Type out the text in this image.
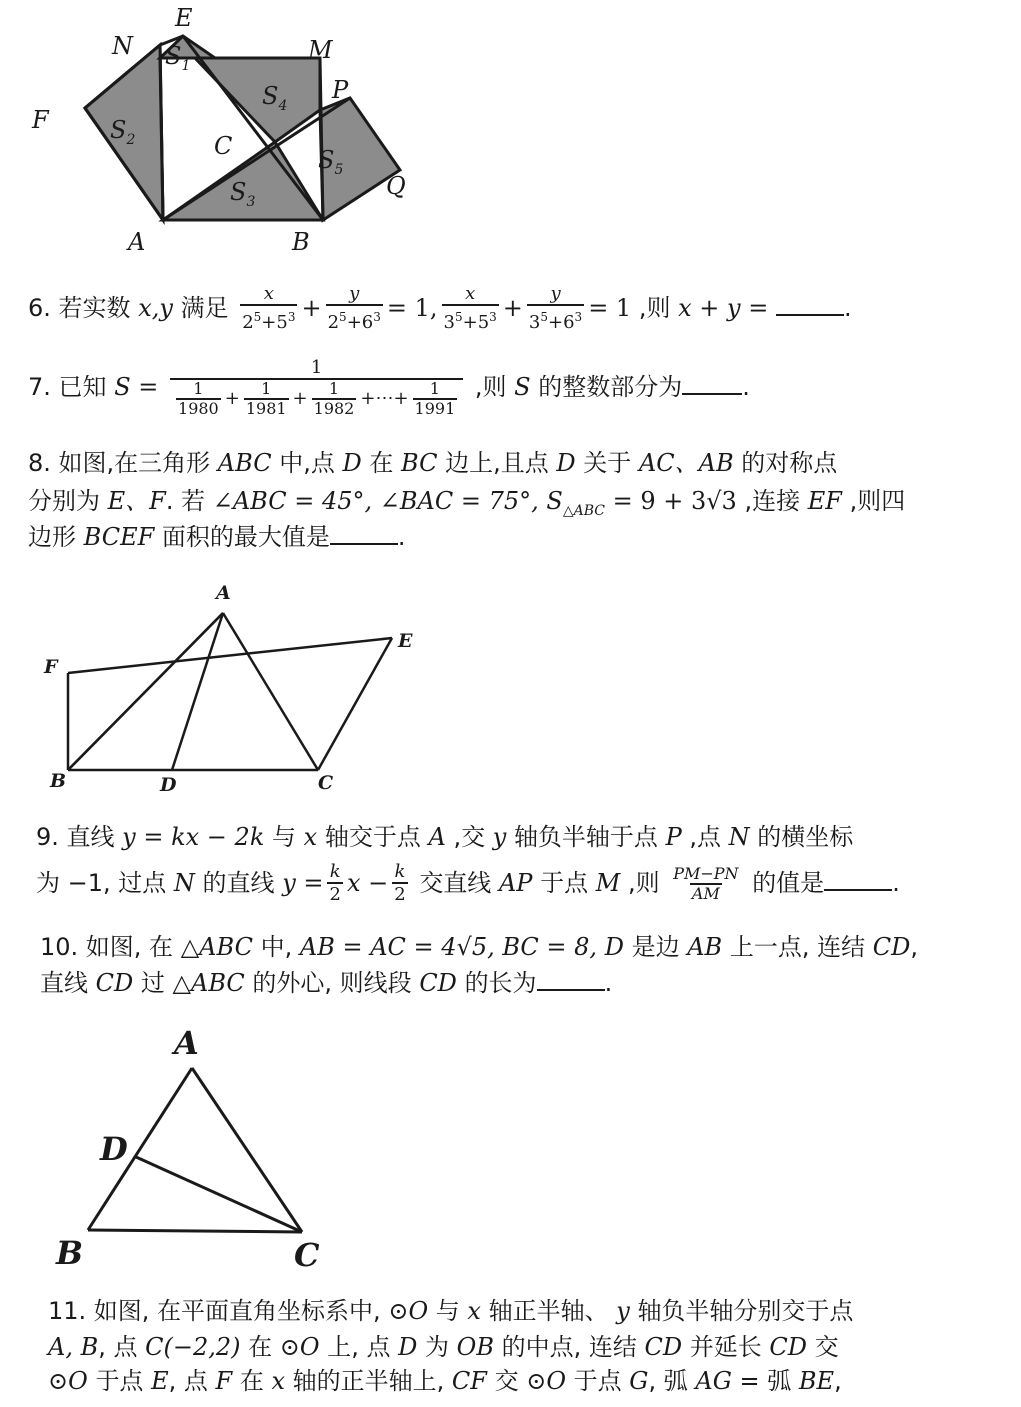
E
N	M
F
P
C
Q
A	B
$S_1$
$S_2$
$S_3$
$S_4$
$S_5$
6. 若实数 x,y 满足 $\frac{x}{2^5+5^3} + \frac{y}{2^5+6^3} = 1$, $\frac{x}{3^5+5^3} + \frac{y}{3^5+6^3} = 1$ ,则 x + y =	.
7. 已知 $S = \frac{1}{\frac{1}{1980} + \frac{1}{1981} + \frac{1}{1982} +\cdots+ \frac{1}{1991}}$ ,则 S 的整数部分为	.
8. 如图,在三角形 ABC 中,点 D 在 BC 边上,且点 D 关于 AC、AB 的对称点
分别为 E、F. 若 ∠ABC = 45°, ∠BAC = 75°, $S_{\triangle ABC} = 9 + 3√3$ ,连接 EF ,则四
边形 BCEF 面积的最大值是	.
A
E
F
B	D	C
9. 直线 y = kx − 2k 与 x 轴交于点 A ,交 y 轴负半轴于点 P ,点 N 的横坐标
为 −1, 过点 N 的直线 $y = \frac{k}{2}$ $x - \frac{k}{2}$ 交直线 AP 于点 M ,则 $\frac{PM-PN}{AM}$ 的值是	.
10. 如图, 在 △ABC 中, AB = AC = 4√5, BC = 8, D 是边 AB 上一点, 连结 CD,
直线 CD 过 △ABC 的外心, 则线段 CD 的长为	.
A
D
B	C
11. 如图, 在平面直角坐标系中, ⊙O 与 x 轴正半轴、 y 轴负半轴分别交于点
A, B, 点 C(−2,2) 在 ⊙O 上, 点 D 为 OB 的中点, 连结 CD 并延长 CD 交
⊙O 于点 E, 点 F 在 x 轴的正半轴上, CF 交 ⊙O 于点 G, 弧 AG = 弧 BE,
